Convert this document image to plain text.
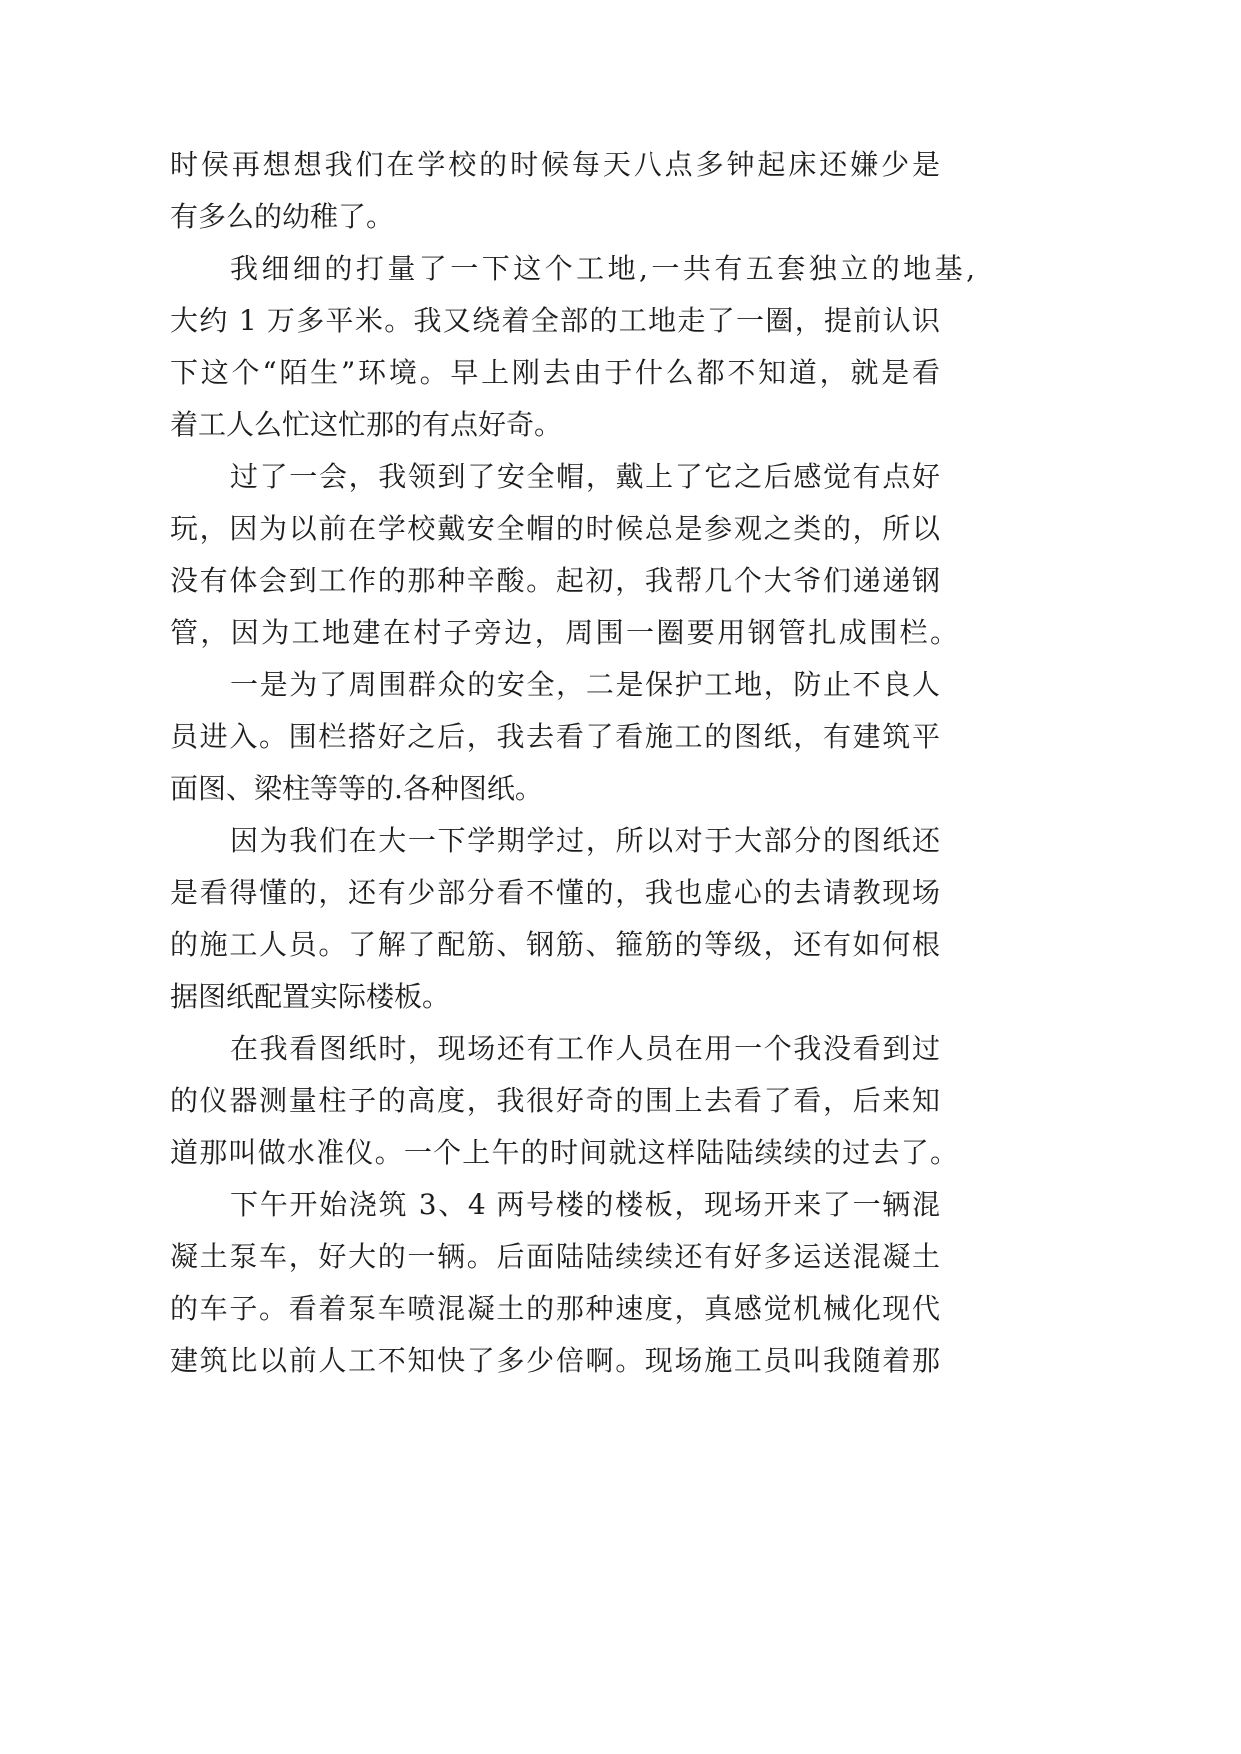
时侯再想想我们在学校的时候每天八点多钟起床还嫌少是
有多么的幼稚了。
我细细的打量了一下这个工地,一共有五套独立的地基,
大约 1 万多平米。我又绕着全部的工地走了一圈，提前认识
下这个“陌生”环境。早上刚去由于什么都不知道，就是看
着工人么忙这忙那的有点好奇。
过了一会，我领到了安全帽，戴上了它之后感觉有点好
玩，因为以前在学校戴安全帽的时候总是参观之类的，所以
没有体会到工作的那种辛酸。起初，我帮几个大爷们递递钢
管，因为工地建在村子旁边，周围一圈要用钢管扎成围栏。
一是为了周围群众的安全，二是保护工地，防止不良人
员进入。围栏搭好之后，我去看了看施工的图纸，有建筑平
面图、梁柱等等的.各种图纸。
因为我们在大一下学期学过，所以对于大部分的图纸还
是看得懂的，还有少部分看不懂的，我也虚心的去请教现场
的施工人员。了解了配筋、钢筋、箍筋的等级，还有如何根
据图纸配置实际楼板。
在我看图纸时，现场还有工作人员在用一个我没看到过
的仪器测量柱子的高度，我很好奇的围上去看了看，后来知
道那叫做水准仪。一个上午的时间就这样陆陆续续的过去了。
下午开始浇筑 3、4 两号楼的楼板，现场开来了一辆混
凝土泵车，好大的一辆。后面陆陆续续还有好多运送混凝土
的车子。看着泵车喷混凝土的那种速度，真感觉机械化现代
建筑比以前人工不知快了多少倍啊。现场施工员叫我随着那
